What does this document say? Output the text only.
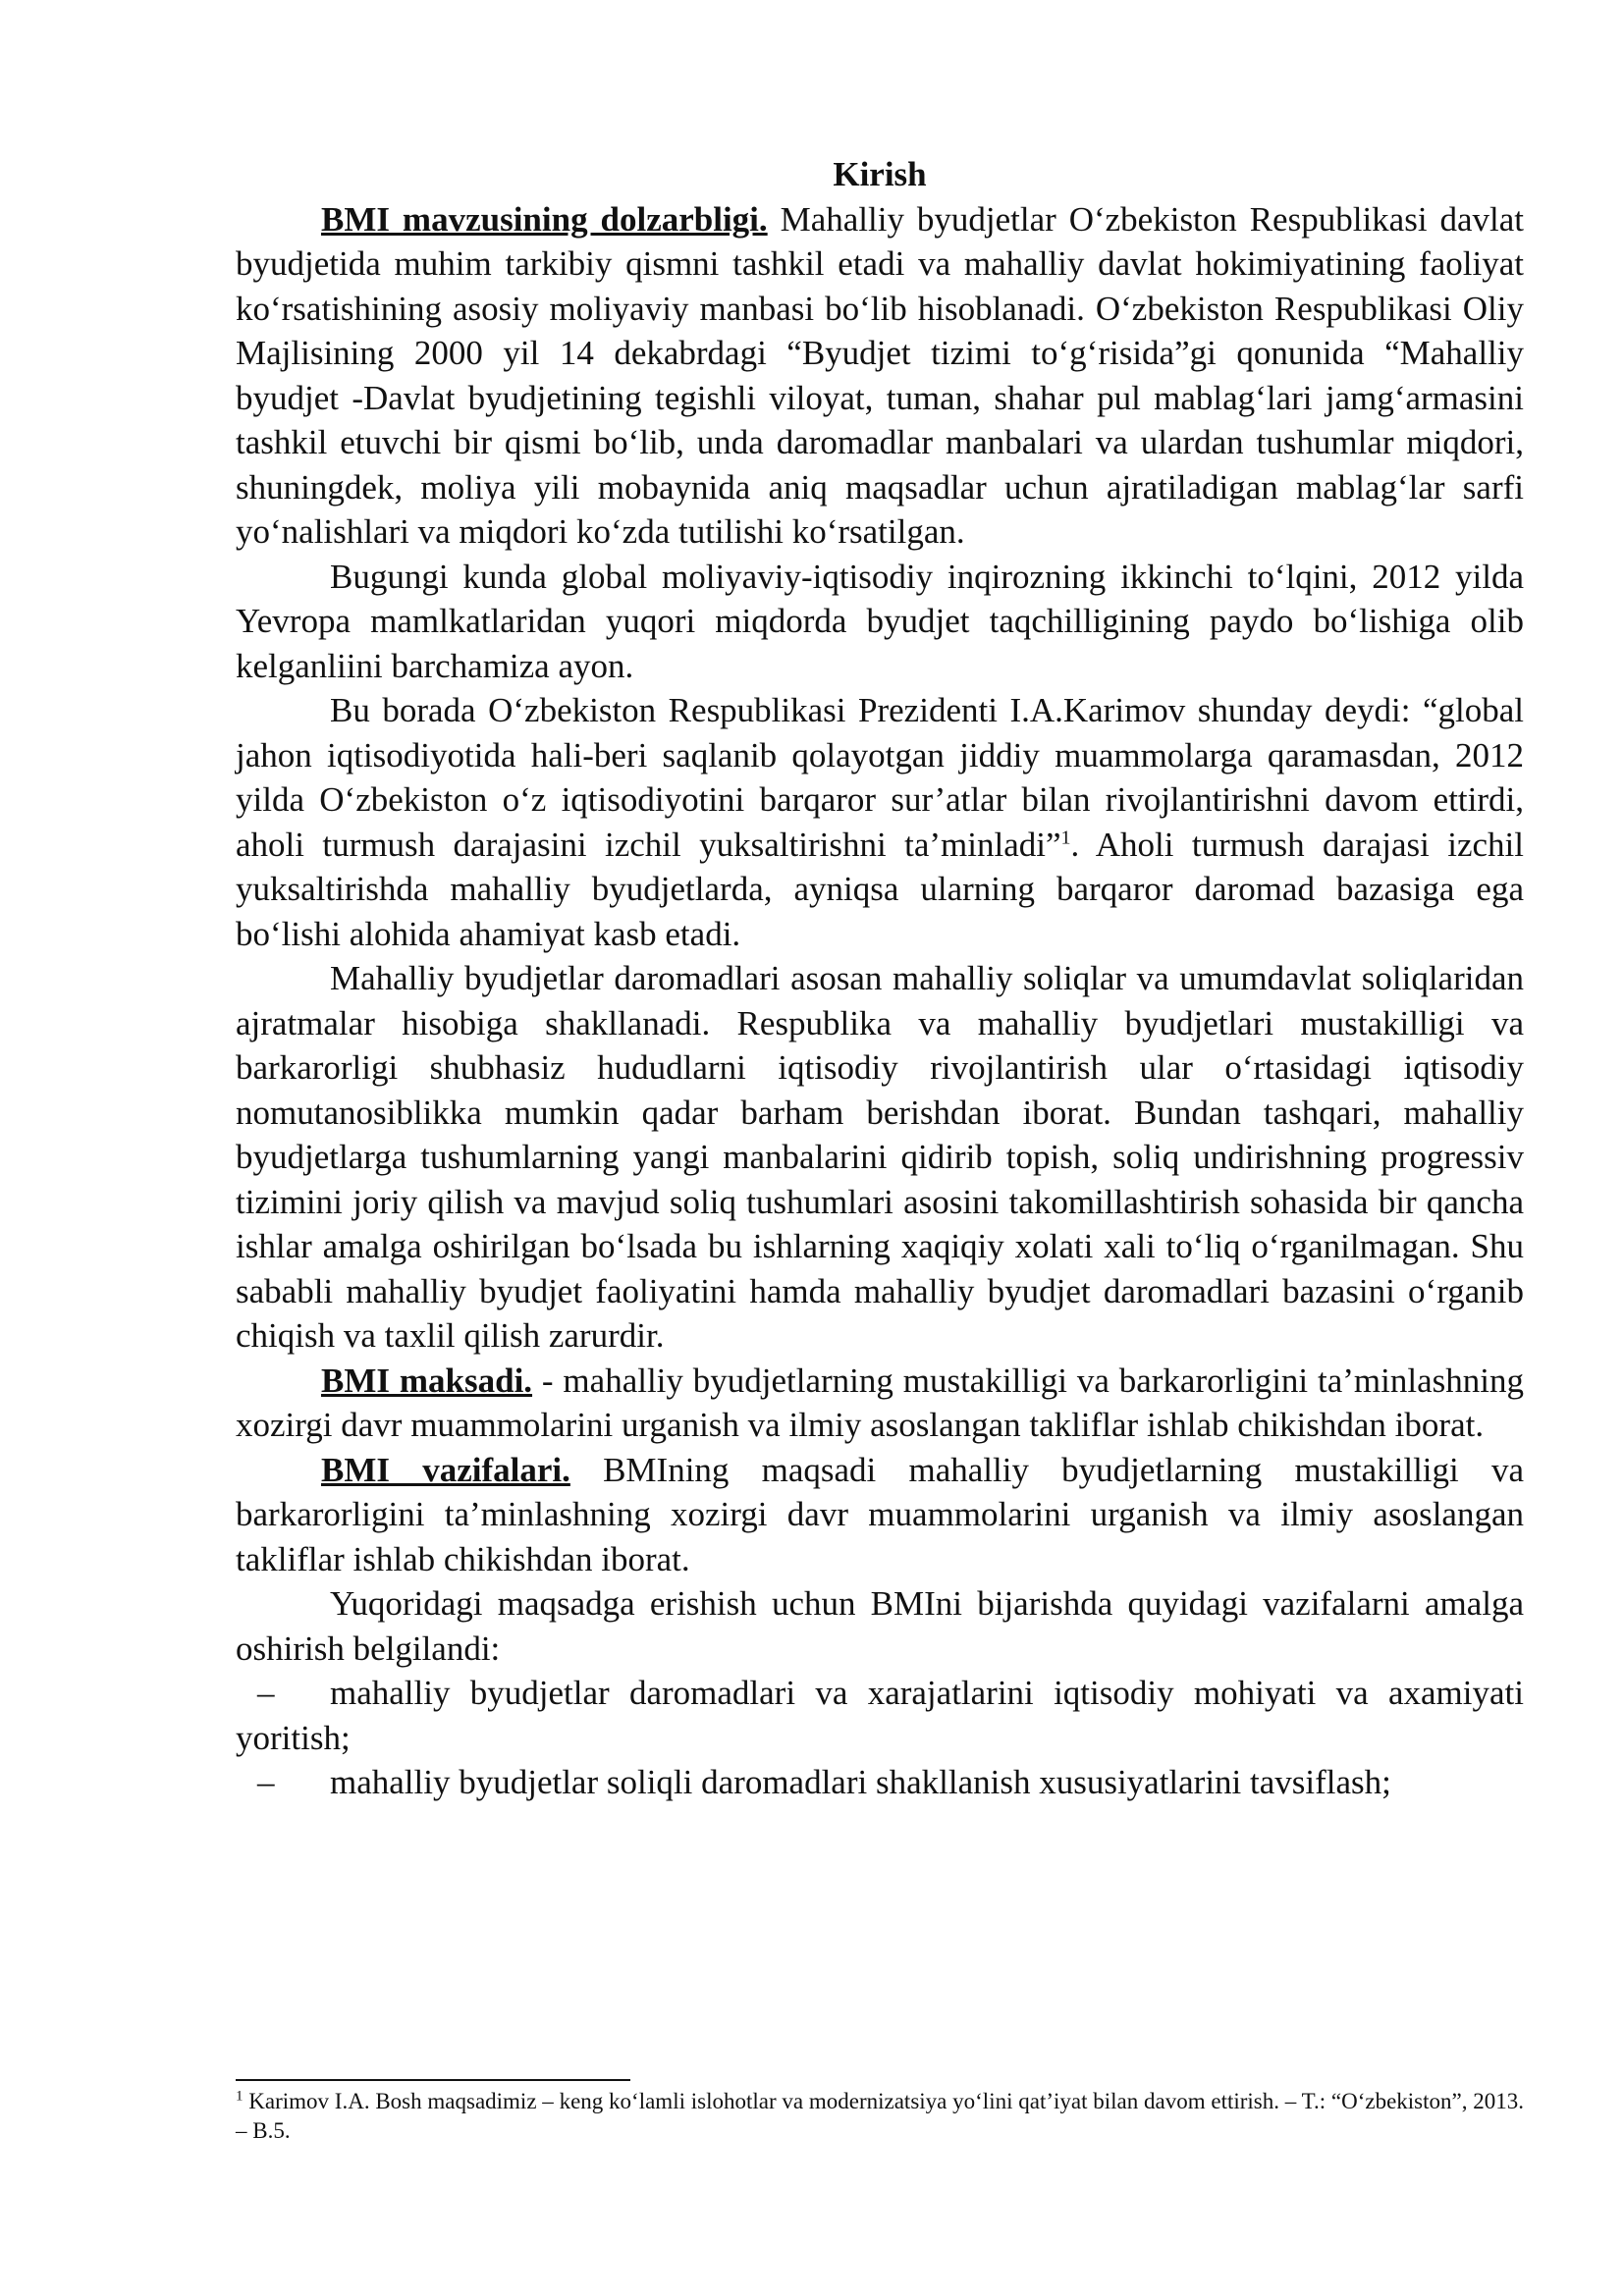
Kirish

BMI mavzusining dolzarbligi. Mahalliy byudjetlar O‘zbekiston Respublikasi davlat byudjetida muhim tarkibiy qismni tashkil etadi va mahalliy davlat hokimiyatining faoliyat ko‘rsatishining asosiy moliyaviy manbasi bo‘lib hisoblanadi. O‘zbekiston Respublikasi Oliy Majlisining 2000 yil 14 dekabrdagi “Byudjet tizimi to‘g‘risida”gi qonunida “Mahalliy byudjet -Davlat byudjetining tegishli viloyat, tuman, shahar pul mablag‘lari jamg‘armasini tashkil etuvchi bir qismi bo‘lib, unda daromadlar manbalari va ulardan tushumlar miqdori, shuningdek, moliya yili mobaynida aniq maqsadlar uchun ajratiladigan mablag‘lar sarfi yo‘nalishlari va miqdori ko‘zda tutilishi ko‘rsatilgan.

Bugungi kunda global moliyaviy-iqtisodiy inqirozning ikkinchi to‘lqini, 2012 yilda Yevropa mamlkatlaridan yuqori miqdorda byudjet taqchilligining paydo bo‘lishiga olib kelganliini barchamiza ayon.

Bu borada O‘zbekiston Respublikasi Prezidenti I.A.Karimov shunday deydi: “global jahon iqtisodiyotida hali-beri saqlanib qolayotgan jiddiy muammolarga qaramasdan, 2012 yilda O‘zbekiston o‘z iqtisodiyotini barqaror sur’atlar bilan rivojlantirishni davom ettirdi, aholi turmush darajasini izchil yuksaltirishni ta’minladi”$^1$. Aholi turmush darajasi izchil yuksaltirishda mahalliy byudjetlarda, ayniqsa ularning barqaror daromad bazasiga ega bo‘lishi alohida ahamiyat kasb etadi.

Mahalliy byudjetlar daromadlari asosan mahalliy soliqlar va umumdavlat soliqlaridan ajratmalar hisobiga shakllanadi. Respublika va mahalliy byudjetlari mustakilligi va barkarorligi shubhasiz hududlarni iqtisodiy rivojlantirish ular o‘rtasidagi iqtisodiy nomutanosiblikka mumkin qadar barham berishdan iborat. Bundan tashqari, mahalliy byudjetlarga tushumlarning yangi manbalarini qidirib topish, soliq undirishning progressiv tizimini joriy qilish va mavjud soliq tushumlari asosini takomillashtirish sohasida bir qancha ishlar amalga oshirilgan bo‘lsada bu ishlarning xaqiqiy xolati xali to‘liq o‘rganilmagan. Shu sababli mahalliy byudjet faoliyatini hamda mahalliy byudjet daromadlari bazasini o‘rganib chiqish va taxlil qilish zarurdir.

BMI maksadi. - mahalliy byudjetlarning mustakilligi va barkarorligini ta’minlashning xozirgi davr muammolarini urganish va ilmiy asoslangan takliflar ishlab chikishdan iborat.

BMI vazifalari. BMIning maqsadi mahalliy byudjetlarning mustakilligi va barkarorligini ta’minlashning xozirgi davr muammolarini urganish va ilmiy asoslangan takliflar ishlab chikishdan iborat.

Yuqoridagi maqsadga erishish uchun BMIni bijarishda quyidagi vazifalarni amalga oshirish belgilandi:

– mahalliy byudjetlar daromadlari va xarajatlarini iqtisodiy mohiyati va axamiyati yoritish;

– mahalliy byudjetlar soliqli daromadlari shakllanish xususiyatlarini tavsiflash;

$^1$ Karimov I.A. Bosh maqsadimiz – keng ko‘lamli islohotlar va modernizatsiya yo‘lini qat’iyat bilan davom ettirish. – T.: “O‘zbekiston”, 2013. – B.5.
